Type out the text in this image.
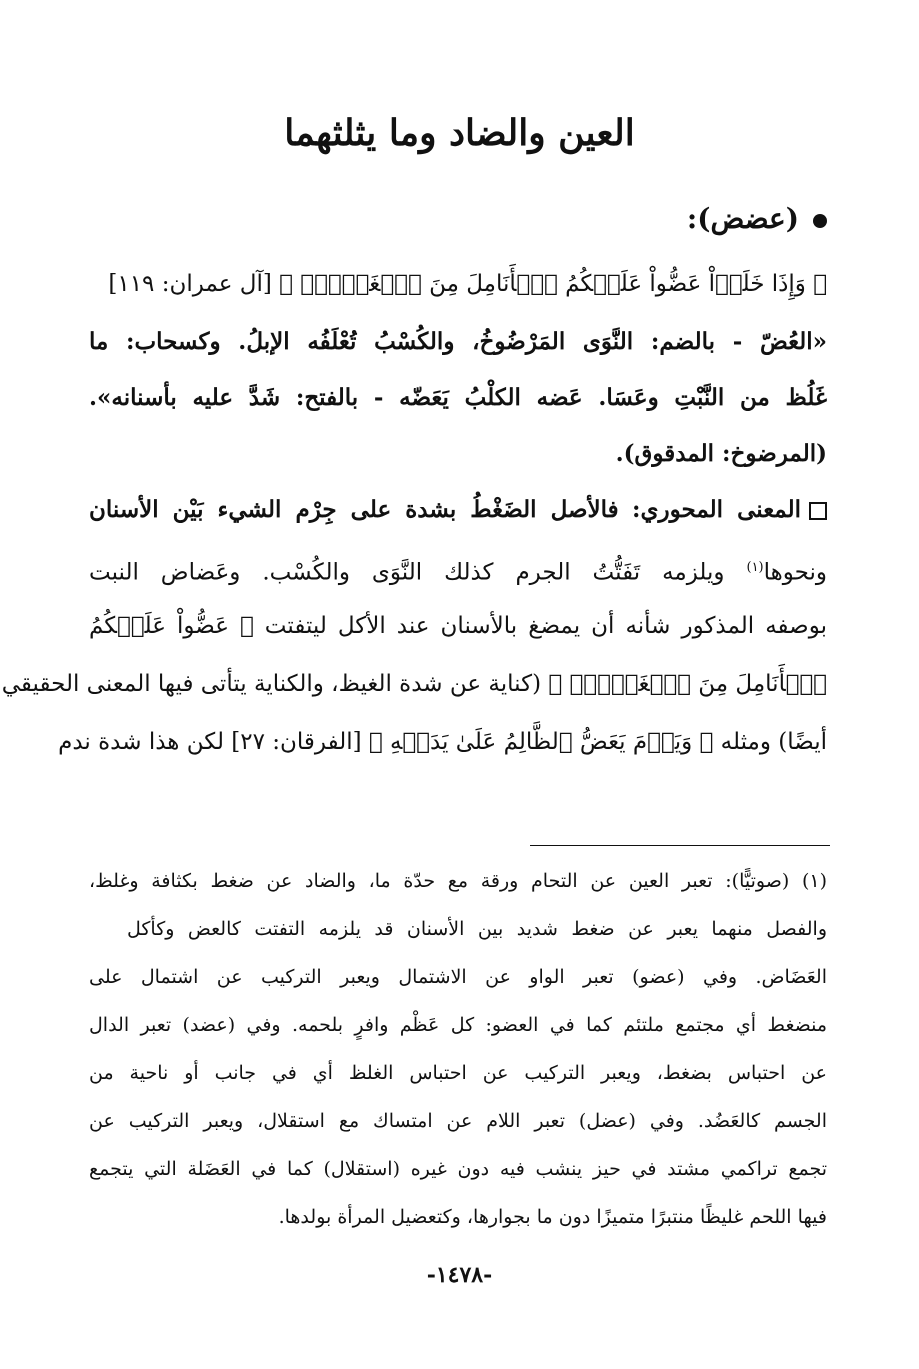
العين والضاد وما يثلثهما
(عضض):
﴿ وَإِذَا خَلَوۡاْ عَضُّواْ عَلَيۡكُمُ ٱلۡأَنَامِلَ مِنَ ٱلۡغَيۡظِۚ ﴾ [آل عمران: ١١٩]
«العُضّ - بالضم: النَّوَى المَرْضُوخُ، والكُسْبُ تُعْلَفُه الإبلُ. وكسحاب: ما
غَلُظ من النَّبْتِ وعَسَا. عَضه الكلْبُ يَعَضّه - بالفتح: شَدَّ عليه بأسنانه».
(المرضوخ: المدقوق).
المعنى المحوري: فالأصل الضَغْطُ بشدة على جِرْم الشيء بَيْن الأسنان
ونحوها$^{(١)}$ ويلزمه تَفَتُّتُ الجرم كذلك النَّوَى والكُسْب. وعَضاض النبت
بوصفه المذكور شأنه أن يمضغ بالأسنان عند الأكل ليتفتت ﴿ عَضُّواْ عَلَيۡكُمُ
ٱلۡأَنَامِلَ مِنَ ٱلۡغَيۡظِۚ ﴾ (كناية عن شدة الغيظ، والكناية يتأتى فيها المعنى الحقيقي
أيضًا) ومثله ﴿ وَيَوۡمَ يَعَضُّ ٱلظَّالِمُ عَلَىٰ يَدَيۡهِ ﴾ [الفرقان: ٢٧] لكن هذا شدة ندم
(١) (صوتيًّا): تعبر العين عن التحام ورقة مع حدّة ما، والضاد عن ضغط بكثافة وغلظ،
والفصل منهما يعبر عن ضغط شديد بين الأسنان قد يلزمه التفتت كالعض وكأكل
العَضَاض. وفي (عضو) تعبر الواو عن الاشتمال ويعبر التركيب عن اشتمال على
منضغط أي مجتمع ملتئم كما في العضو: كل عَظْم وافرٍ بلحمه. وفي (عضد) تعبر الدال
عن احتباس بضغط، ويعبر التركيب عن احتباس الغلظ أي في جانب أو ناحية من
الجسم كالعَضُد. وفي (عضل) تعبر اللام عن امتساك مع استقلال، ويعبر التركيب عن
تجمع تراكمي مشتد في حيز ينشب فيه دون غيره (استقلال) كما في العَضَلة التي يتجمع
فيها اللحم غليظًا منتبرًا متميزًا دون ما بجوارها، وكتعضيل المرأة بولدها.
-١٤٧٨-
